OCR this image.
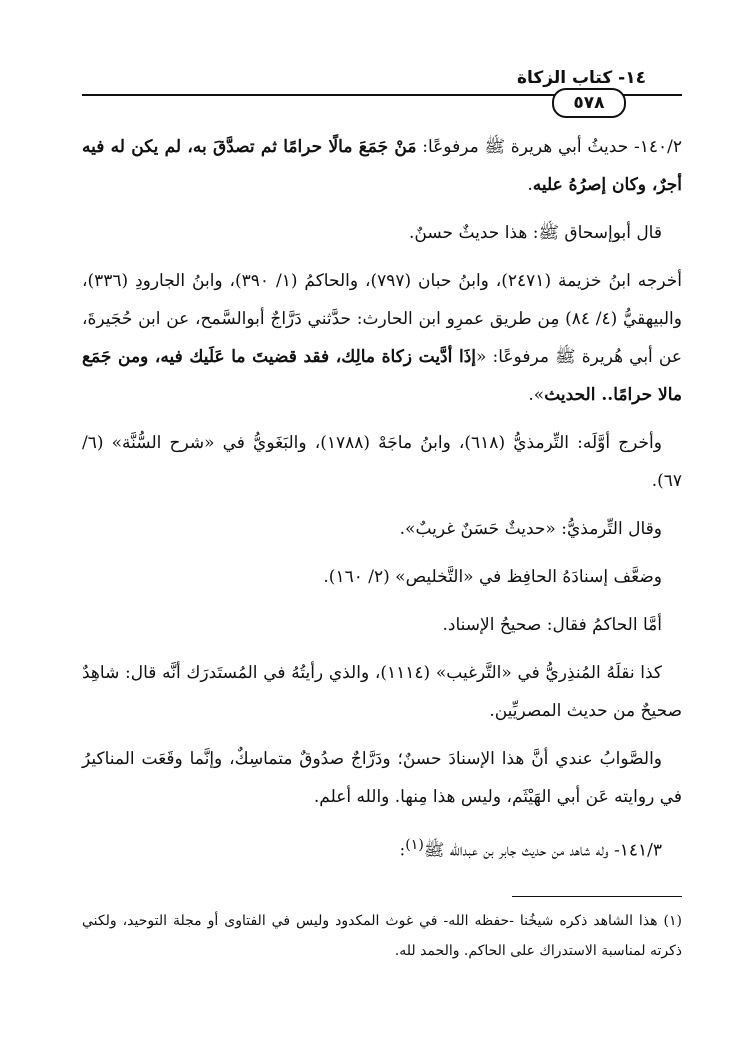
١٤- كتاب الزكاة
٥٧٨

١٤٠/٢- حديثُ أبي هريرة ﷺ مرفوعًا: مَنْ جَمَعَ مالًا حرامًا ثم تصدَّقَ به، لم يكن له فيه أجرٌ، وكان إصرُهُ عليه.

قال أبوإسحاق ﷺ: هذا حديثٌ حسنٌ.

أخرجه ابنُ خزيمة (٢٤٧١)، وابنُ حبان (٧٩٧)، والحاكمُ (١/ ٣٩٠)، وابنُ الجارودِ (٣٣٦)، والبيهقيُّ (٤/ ٨٤) مِن طريق عمرِو ابن الحارث: حدَّثني دَرَّاجٌ أبوالسَّمح، عن ابن حُجَيرةَ، عن أبي هُريرة ﷺ مرفوعًا: «إذَا أدَّيت زكاة مالِك، فقد قضيتَ ما عَلَيك فيه، ومن جَمَع مالا حرامًا.. الحديث».

وأخرج أوَّلَه: التِّرمذيُّ (٦١٨)، وابنُ ماجَهْ (١٧٨٨)، والبَغَويُّ في «شرح السُّنَّة» (٦/ ٦٧).

وقال التِّرمذيُّ: «حديثٌ حَسَنٌ غريبٌ».

وضعَّف إسنادَهُ الحافِظ في «التَّخليص» (٢/ ١٦٠).

أمَّا الحاكمُ فقال: صحيحُ الإسناد.

كذا نقلَهُ المُنذِريُّ في «التَّرغيب» (١١١٤)، والذي رأيتُهُ في المُستَدرَك أنَّه قال: شاهِدٌ صحيحٌ من حديث المصريِّين.

والصَّوابُ عندي أنَّ هذا الإسنادَ حسنٌ؛ ودَرَّاجٌ صدُوقٌ متماسِكٌ، وإنَّما وقَعَت المناكيرُ في روايته عَن أبي الهَيْثَم، وليس هذا مِنها. والله أعلم.

١٤١/٣- وله شاهد من حديث جابر بن عبدالله ﷺ$^{(١)}$:

(١) هذا الشاهد ذكره شيخُنا -حفظه الله- في غوث المكدود وليس في الفتاوى أو مجلة التوحيد، ولكني ذكرته لمناسبة الاستدراك على الحاكم. والحمد لله.
